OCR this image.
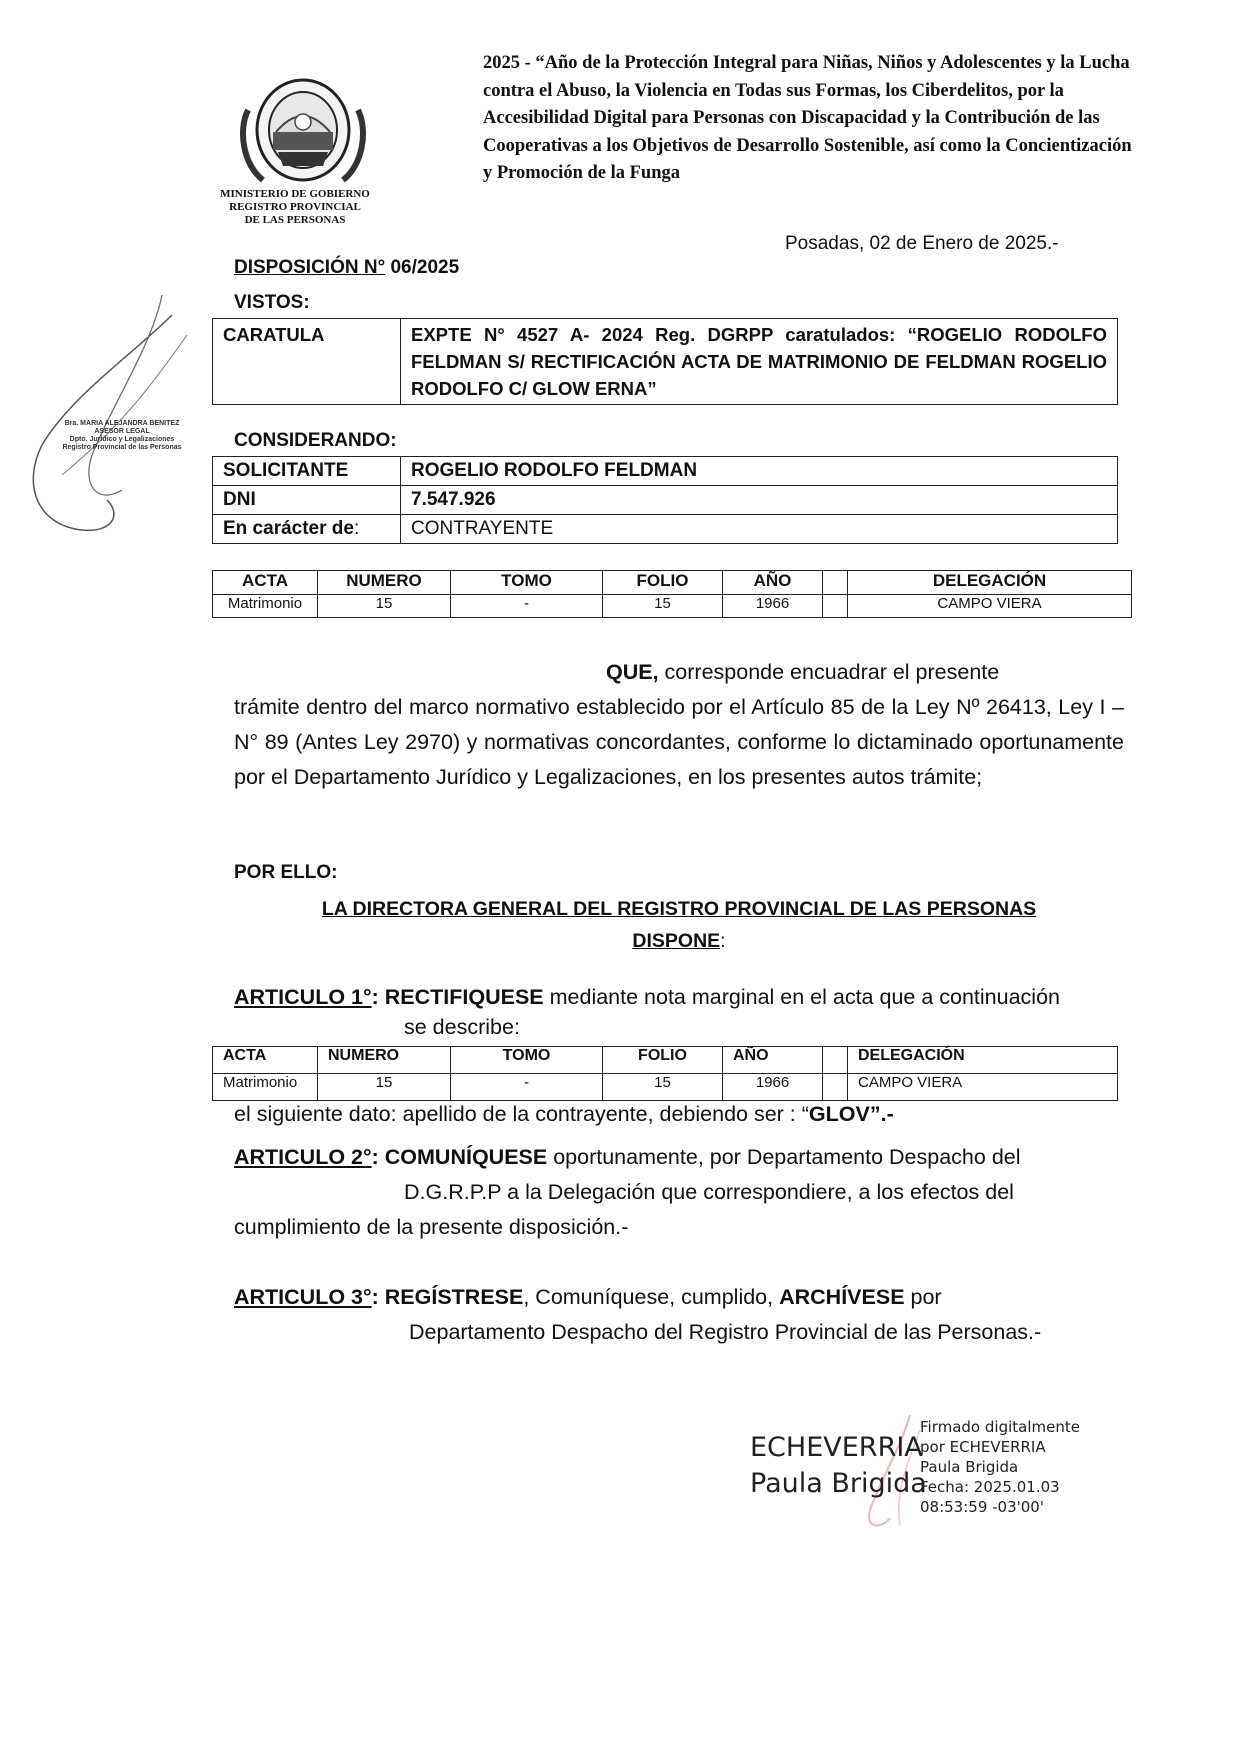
MINISTERIO DE GOBIERNO
REGISTRO PROVINCIAL
DE LAS PERSONAS
2025 - “Año de la Protección Integral para Niñas, Niños y Adolescentes y la Lucha contra el Abuso, la Violencia en Todas sus Formas, los Ciberdelitos, por la Accesibilidad Digital para Personas con Discapacidad y la Contribución de las Cooperativas a los Objetivos de Desarrollo Sostenible, así como la Concientización y Promoción de la Funga
Posadas, 02 de Enero de 2025.-
DISPOSICIÓN N° 06/2025
VISTOS:
Bra. MARIA ALEJANDRA BENITEZ
ASESOR LEGAL
Dpto. Jurídico y Legalizaciones
Registro Provincial de las Personas
CARATULA	EXPTE N° 4527 A- 2024 Reg. DGRPP caratulados: “ROGELIO RODOLFO FELDMAN S/ RECTIFICACIÓN ACTA DE MATRIMONIO DE FELDMAN ROGELIO RODOLFO C/ GLOW ERNA”
CONSIDERANDO:
SOLICITANTE	ROGELIO RODOLFO FELDMAN
DNI	7.547.926
En carácter de:	CONTRAYENTE
ACTA	NUMERO	TOMO	FOLIO	AÑO		DELEGACIÓN
Matrimonio	15	-	15	1966		CAMPO VIERA
QUE, corresponde encuadrar el presente
trámite dentro del marco normativo establecido por el Artículo 85 de la Ley Nº 26413, Ley I – N° 89 (Antes Ley 2970) y normativas concordantes, conforme lo dictaminado oportunamente por el Departamento Jurídico y Legalizaciones, en los presentes autos trámite;
POR ELLO:
LA DIRECTORA GENERAL DEL REGISTRO PROVINCIAL DE LAS PERSONAS
DISPONE:
ARTICULO 1°: RECTIFIQUESE mediante nota marginal en el acta que a continuación
se describe:
ACTA	NUMERO	TOMO	FOLIO	AÑO		DELEGACIÓN
Matrimonio	15	-	15	1966		CAMPO VIERA
el siguiente dato: apellido de la contrayente, debiendo ser : “GLOV”.-
ARTICULO 2°: COMUNÍQUESE oportunamente, por Departamento Despacho del
D.G.R.P.P a la Delegación que correspondiere, a los efectos del
cumplimiento de la presente disposición.-
ARTICULO 3°: REGÍSTRESE, Comuníquese, cumplido, ARCHÍVESE por
Departamento Despacho del Registro Provincial de las Personas.-
ECHEVERRIA
Paula Brigida
Firmado digitalmente
por ECHEVERRIA
Paula Brigida
Fecha: 2025.01.03
08:53:59 -03'00'
